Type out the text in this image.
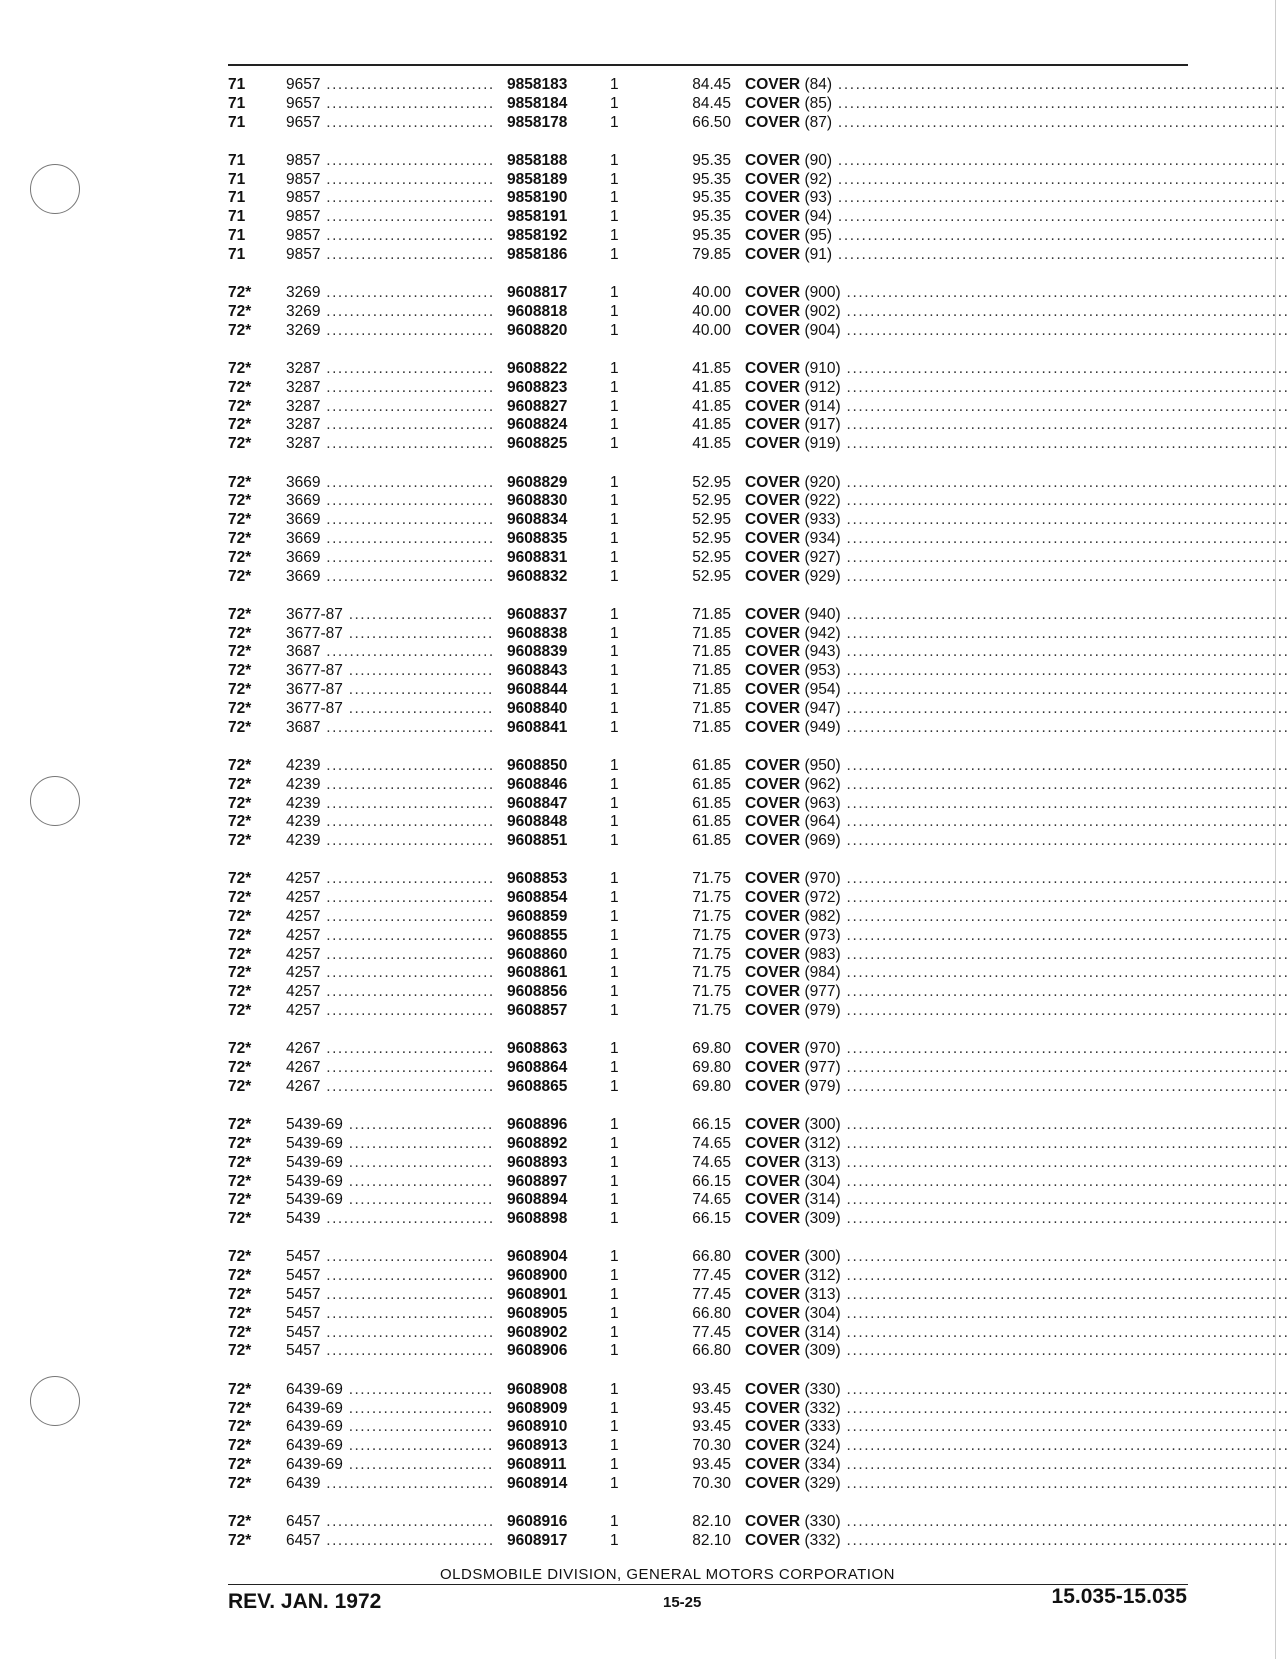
71	9657 .....	9858183	1	84.45 COVER (84) .....
71	9657 .....	9858184	1	84.45 COVER (85) .....
71	9657 .....	9858178	1	66.50 COVER (87) .....
71	9857 .....	9858188	1	95.35 COVER (90) .....
71	9857 .....	9858189	1	95.35 COVER (92) .....
71	9857 .....	9858190	1	95.35 COVER (93) .....
71	9857 .....	9858191	1	95.35 COVER (94) .....
71	9857 .....	9858192	1	95.35 COVER (95) .....
71	9857 .....	9858186	1	79.85 COVER (91) .....
72* 3269 .....	9608817	1	40.00 COVER (900) .....
72* 3269 .....	9608818	1	40.00 COVER (902) .....
72* 3269 .....	9608820	1	40.00 COVER (904) .....
72* 3287 .....	9608822	1	41.85 COVER (910) .....
72* 3287 .....	9608823	1	41.85 COVER (912) .....
72* 3287 .....	9608827	1	41.85 COVER (914) .....
72* 3287 .....	9608824	1	41.85 COVER (917) .....
72* 3287 .....	9608825	1	41.85 COVER (919) .....
72* 3669 .....	9608829	1	52.95 COVER (920) .....
72* 3669 .....	9608830	1	52.95 COVER (922) .....
72* 3669 .....	9608834	1	52.95 COVER (933) .....
72* 3669 .....	9608835	1	52.95 COVER (934) .....
72* 3669 .....	9608831	1	52.95 COVER (927) .....
72* 3669 .....	9608832	1	52.95 COVER (929) .....
72* 3677-87 .....	9608837	1	71.85 COVER (940) .....
72* 3677-87 .....	9608838	1	71.85 COVER (942) .....
72* 3687 .....	9608839	1	71.85 COVER (943) .....
72* 3677-87 .....	9608843	1	71.85 COVER (953) .....
72* 3677-87 .....	9608844	1	71.85 COVER (954) .....
72* 3677-87 .....	9608840	1	71.85 COVER (947) .....
72* 3687 .....	9608841	1	71.85 COVER (949) .....
72* 4239 .....	9608850	1	61.85 COVER (950) .....
72* 4239 .....	9608846	1	61.85 COVER (962) .....
72* 4239 .....	9608847	1	61.85 COVER (963) .....
72* 4239 .....	9608848	1	61.85 COVER (964) .....
72* 4239 .....	9608851	1	61.85 COVER (969) .....
72* 4257 .....	9608853	1	71.75 COVER (970) .....
72* 4257 .....	9608854	1	71.75 COVER (972) .....
72* 4257 .....	9608859	1	71.75 COVER (982) .....
72* 4257 .....	9608855	1	71.75 COVER (973) .....
72* 4257 .....	9608860	1	71.75 COVER (983) .....
72* 4257 .....	9608861	1	71.75 COVER (984) .....
72* 4257 .....	9608856	1	71.75 COVER (977) .....
72* 4257 .....	9608857	1	71.75 COVER (979) .....
72* 4267 .....	9608863	1	69.80 COVER (970) .....
72* 4267 .....	9608864	1	69.80 COVER (977) .....
72* 4267 .....	9608865	1	69.80 COVER (979) .....
72* 5439-69 .....	9608896	1	66.15 COVER (300) .....
72* 5439-69 .....	9608892	1	74.65 COVER (312) .....
72* 5439-69 .....	9608893	1	74.65 COVER (313) .....
72* 5439-69 .....	9608897	1	66.15 COVER (304) .....
72* 5439-69 .....	9608894	1	74.65 COVER (314) .....
72* 5439 .....	9608898	1	66.15 COVER (309) .....
72* 5457 .....	9608904	1	66.80 COVER (300) .....
72* 5457 .....	9608900	1	77.45 COVER (312) .....
72* 5457 .....	9608901	1	77.45 COVER (313) .....
72* 5457 .....	9608905	1	66.80 COVER (304) .....
72* 5457 .....	9608902	1	77.45 COVER (314) .....
72* 5457 .....	9608906	1	66.80 COVER (309) .....
72* 6439-69 .....	9608908	1	93.45 COVER (330) .....
72* 6439-69 .....	9608909	1	93.45 COVER (332) .....
72* 6439-69 .....	9608910	1	93.45 COVER (333) .....
72* 6439-69 .....	9608913	1	70.30 COVER (324) .....
72* 6439-69 .....	9608911	1	93.45 COVER (334) .....
72* 6439 .....	9608914	1	70.30 COVER (329) .....
72* 6457 .....	9608916	1	82.10 COVER (330) .....
72* 6457 .....	9608917	1	82.10 COVER (332) .....
OLDSMOBILE DIVISION, GENERAL MOTORS CORPORATION
REV. JAN. 1972	15-25	15.035-15.035
